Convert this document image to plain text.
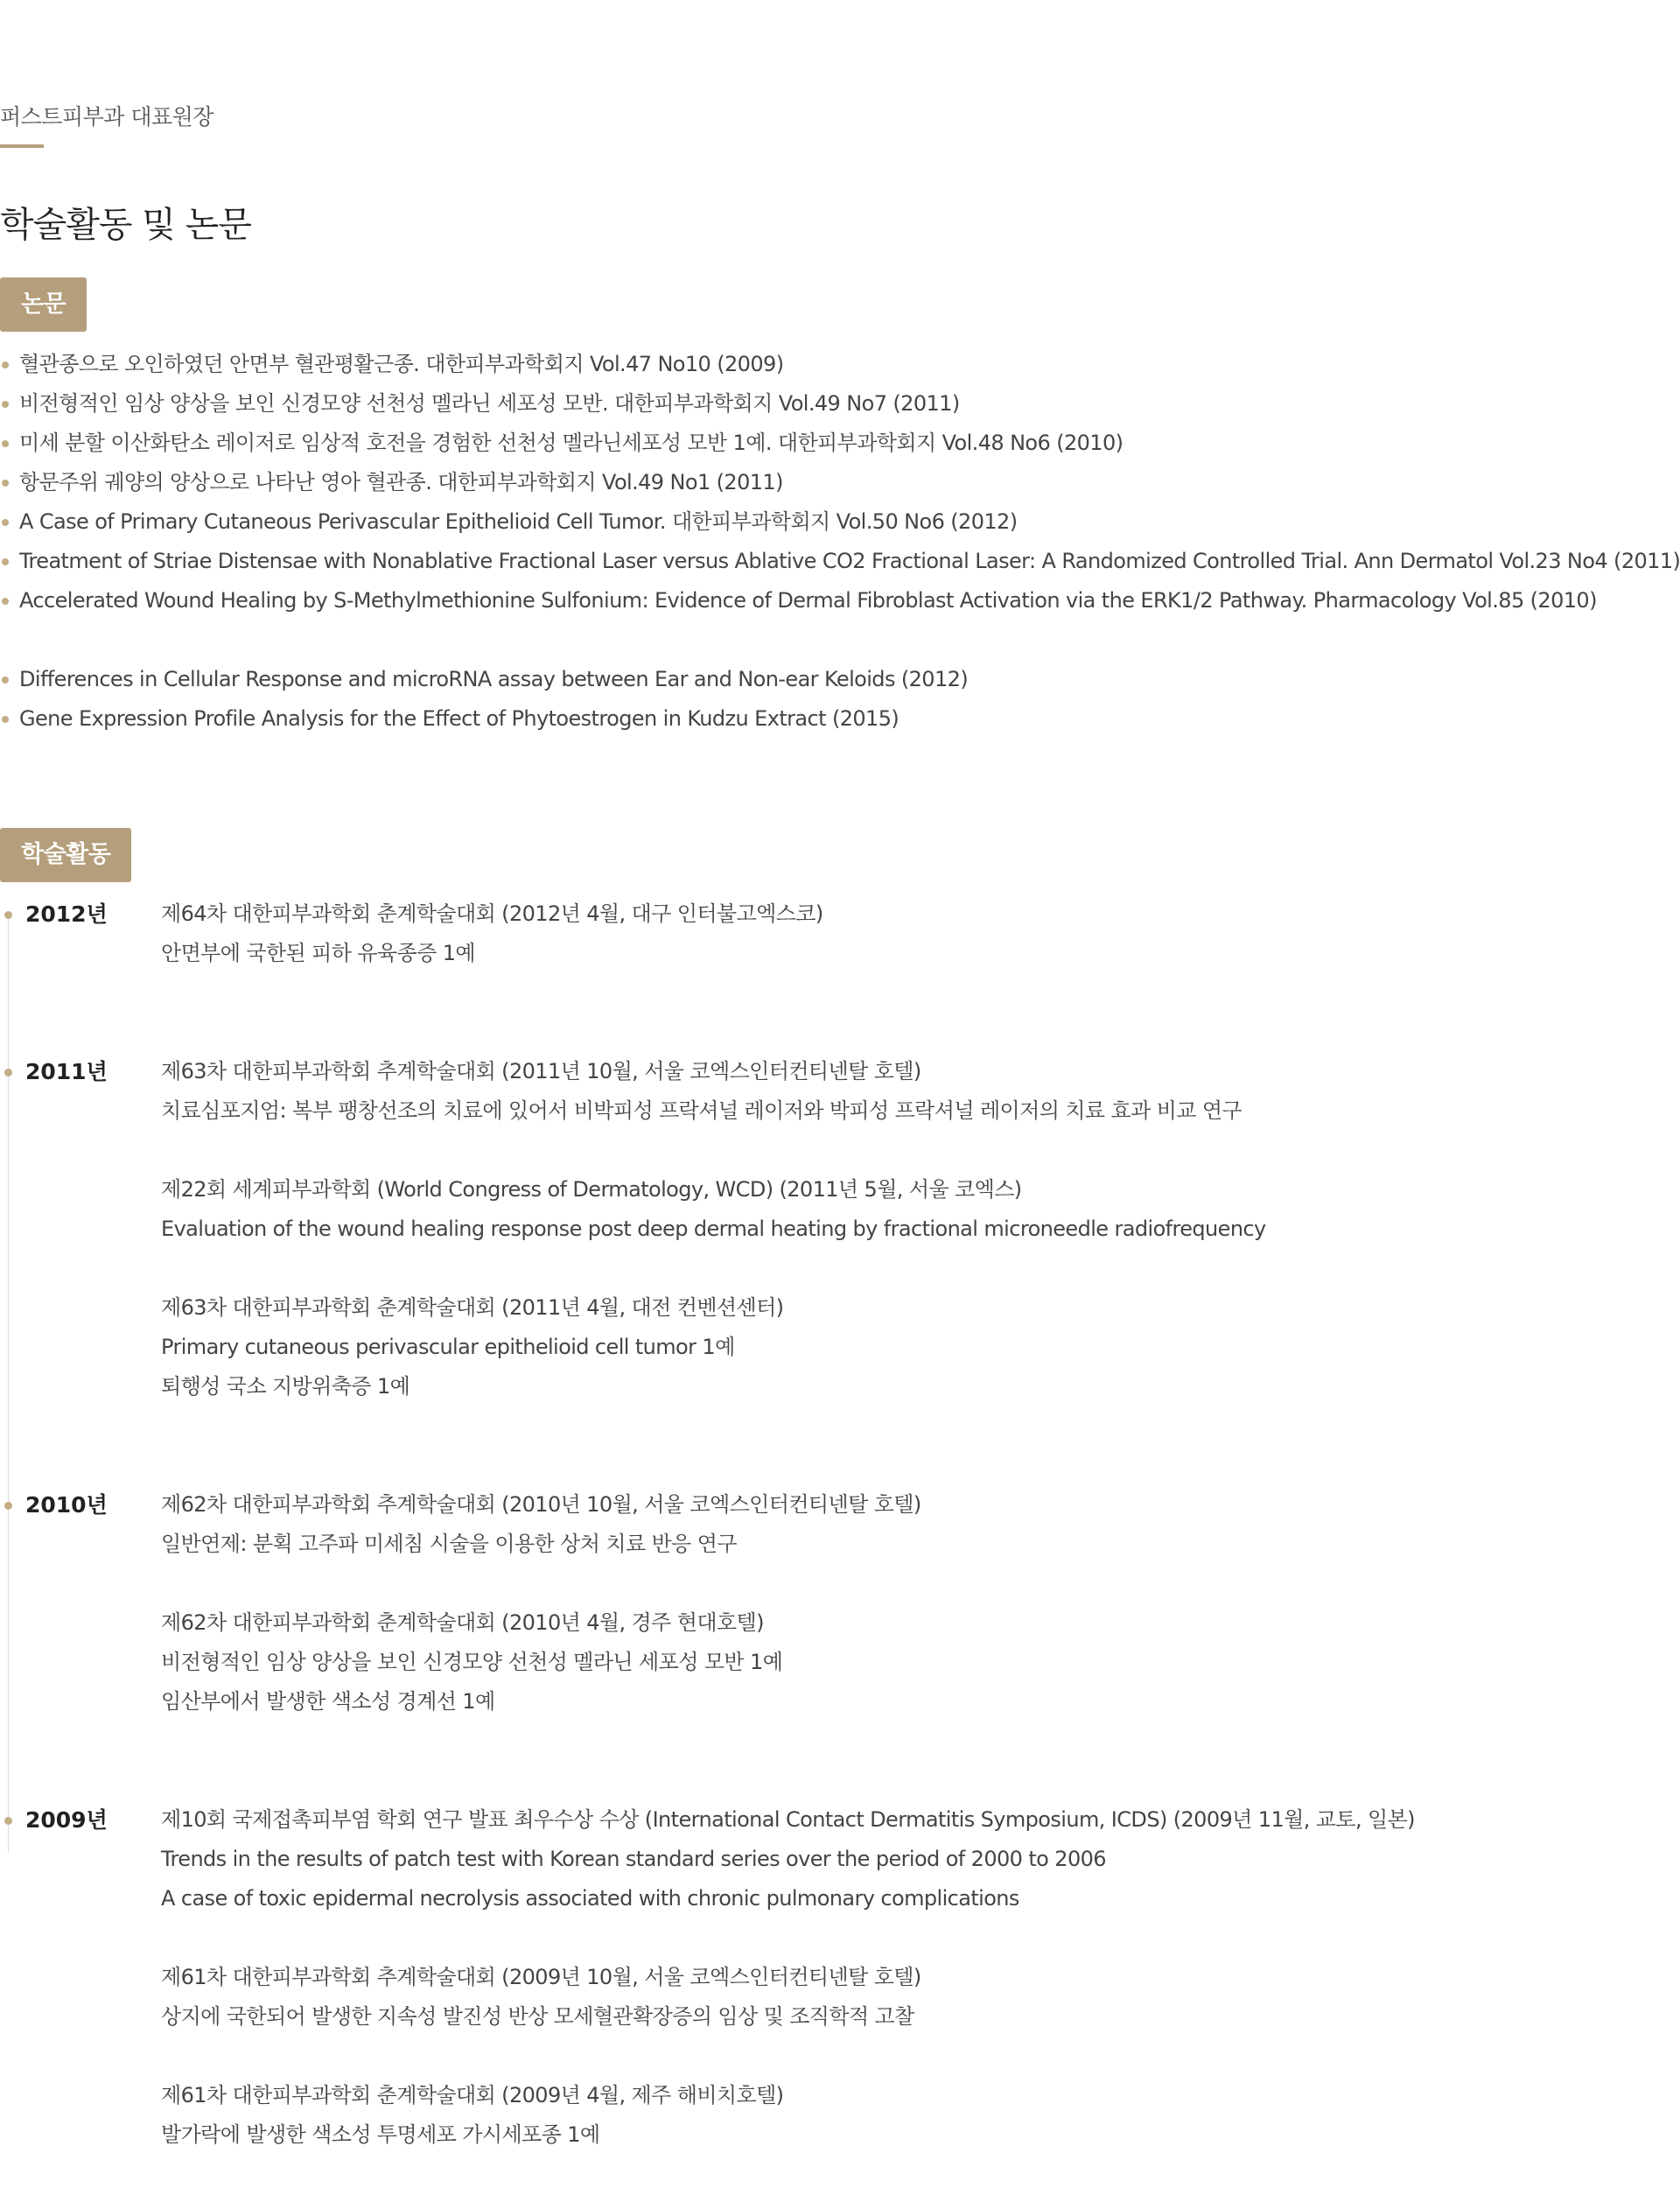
퍼스트피부과 대표원장
학술활동 및 논문
논문
혈관종으로 오인하였던 안면부 혈관평활근종. 대한피부과학회지 Vol.47 No10 (2009)
비전형적인 임상 양상을 보인 신경모양 선천성 멜라닌 세포성 모반. 대한피부과학회지 Vol.49 No7 (2011)
미세 분할 이산화탄소 레이저로 임상적 호전을 경험한 선천성 멜라닌세포성 모반 1예. 대한피부과학회지 Vol.48 No6 (2010)
항문주위 궤양의 양상으로 나타난 영아 혈관종. 대한피부과학회지 Vol.49 No1 (2011)
A Case of Primary Cutaneous Perivascular Epithelioid Cell Tumor. 대한피부과학회지 Vol.50 No6 (2012)
Treatment of Striae Distensae with Nonablative Fractional Laser versus Ablative CO2 Fractional Laser: A Randomized Controlled Trial. Ann Dermatol Vol.23 No4 (2011)
Accelerated Wound Healing by S-Methylmethionine Sulfonium: Evidence of Dermal Fibroblast Activation via the ERK1/2 Pathway. Pharmacology Vol.85 (2010)
Differences in Cellular Response and microRNA assay between Ear and Non-ear Keloids (2012)
Gene Expression Profile Analysis for the Effect of Phytoestrogen in Kudzu Extract (2015)
학술활동
2012년	제64차 대한피부과학회 춘계학술대회 (2012년 4월, 대구 인터불고엑스코)
안면부에 국한된 피하 유육종증 1예
2011년	제63차 대한피부과학회 추계학술대회 (2011년 10월, 서울 코엑스인터컨티넨탈 호텔)
치료심포지엄: 복부 팽창선조의 치료에 있어서 비박피성 프락셔널 레이저와 박피성 프락셔널 레이저의 치료 효과 비교 연구
제22회 세계피부과학회 (World Congress of Dermatology, WCD) (2011년 5월, 서울 코엑스)
Evaluation of the wound healing response post deep dermal heating by fractional microneedle radiofrequency
제63차 대한피부과학회 춘계학술대회 (2011년 4월, 대전 컨벤션센터)
Primary cutaneous perivascular epithelioid cell tumor 1예
퇴행성 국소 지방위축증 1예
2010년	제62차 대한피부과학회 추계학술대회 (2010년 10월, 서울 코엑스인터컨티넨탈 호텔)
일반연제: 분획 고주파 미세침 시술을 이용한 상처 치료 반응 연구
제62차 대한피부과학회 춘계학술대회 (2010년 4월, 경주 현대호텔)
비전형적인 임상 양상을 보인 신경모양 선천성 멜라닌 세포성 모반 1예
임산부에서 발생한 색소성 경계선 1예
2009년	제10회 국제접촉피부염 학회 연구 발표 최우수상 수상 (International Contact Dermatitis Symposium, ICDS) (2009년 11월, 교토, 일본)
Trends in the results of patch test with Korean standard series over the period of 2000 to 2006
A case of toxic epidermal necrolysis associated with chronic pulmonary complications
제61차 대한피부과학회 추계학술대회 (2009년 10월, 서울 코엑스인터컨티넨탈 호텔)
상지에 국한되어 발생한 지속성 발진성 반상 모세혈관확장증의 임상 및 조직학적 고찰
제61차 대한피부과학회 춘계학술대회 (2009년 4월, 제주 해비치호텔)
발가락에 발생한 색소성 투명세포 가시세포종 1예
